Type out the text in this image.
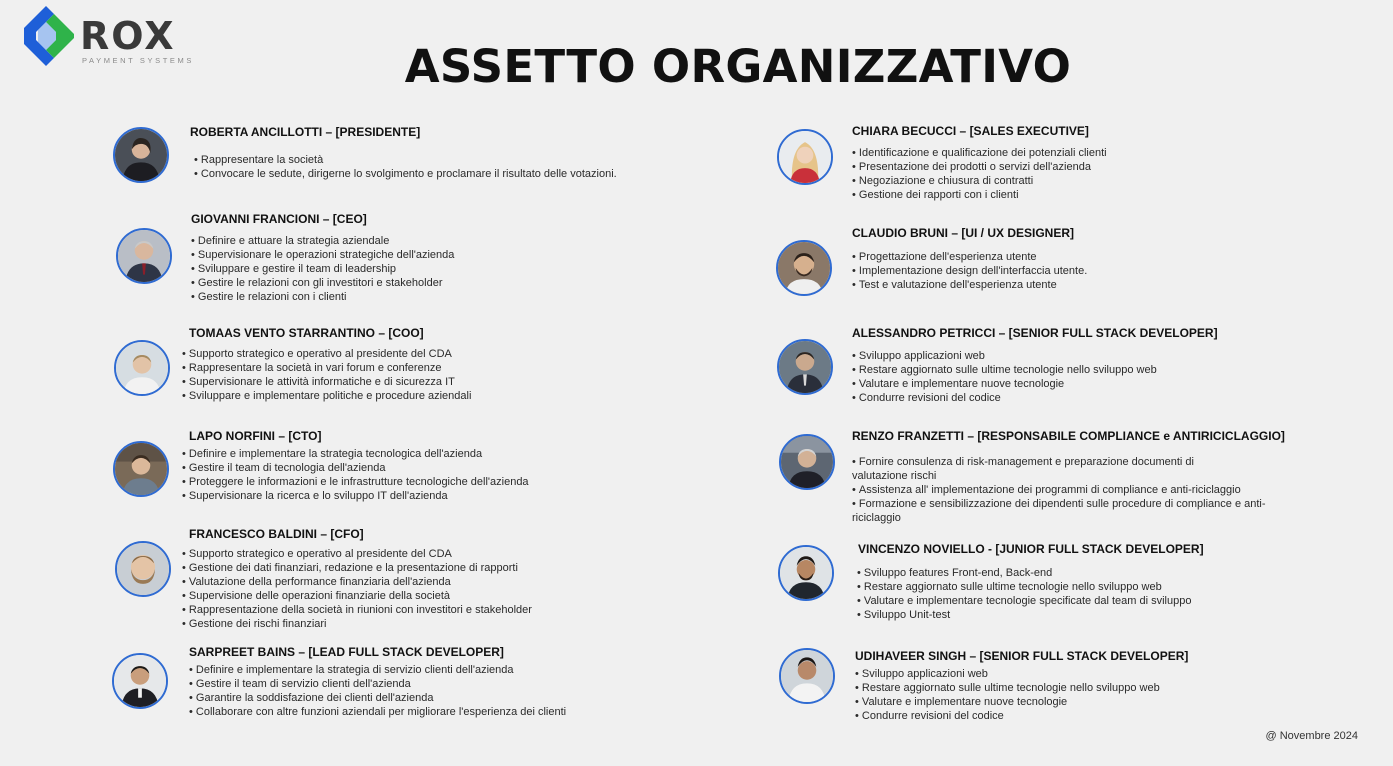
ROX
PAYMENT SYSTEMS	ASSETTO ORGANIZZATIVO
ROBERTA ANCILLOTTI – [PRESIDENTE]
• Rappresentare la società
• Convocare le sedute, dirigerne lo svolgimento e proclamare il risultato delle votazioni.
GIOVANNI FRANCIONI – [CEO]
• Definire e attuare la strategia aziendale
• Supervisionare le operazioni strategiche dell'azienda
• Sviluppare e gestire il team di leadership
• Gestire le relazioni con gli investitori e stakeholder
• Gestire le relazioni con i clienti
TOMAAS VENTO STARRANTINO – [COO]
• Supporto strategico e operativo al presidente del CDA
• Rappresentare la società in vari forum e conferenze
• Supervisionare le attività informatiche e di sicurezza IT
• Sviluppare e implementare politiche e procedure aziendali
LAPO NORFINI – [CTO]
• Definire e implementare la strategia tecnologica dell'azienda
• Gestire il team di tecnologia dell'azienda
• Proteggere le informazioni e le infrastrutture tecnologiche dell'azienda
• Supervisionare la ricerca e lo sviluppo IT dell'azienda
FRANCESCO BALDINI – [CFO]
• Supporto strategico e operativo al presidente del CDA
• Gestione dei dati finanziari, redazione e la presentazione di rapporti
• Valutazione della performance finanziaria dell'azienda
• Supervisione delle operazioni finanziarie della società
• Rappresentazione della società in riunioni con investitori e stakeholder
• Gestione dei rischi finanziari
SARPREET BAINS – [LEAD FULL STACK DEVELOPER]
• Definire e implementare la strategia di servizio clienti dell'azienda
• Gestire il team di servizio clienti dell'azienda
• Garantire la soddisfazione dei clienti dell'azienda
• Collaborare con altre funzioni aziendali per migliorare l'esperienza dei clienti
CHIARA BECUCCI – [SALES EXECUTIVE]
• Identificazione e qualificazione dei potenziali clienti
• Presentazione dei prodotti o servizi dell'azienda
• Negoziazione e chiusura di contratti
• Gestione dei rapporti con i clienti
CLAUDIO BRUNI – [UI / UX DESIGNER]
• Progettazione dell'esperienza utente
• Implementazione design dell'interfaccia utente.
• Test e valutazione dell'esperienza utente
ALESSANDRO PETRICCI – [SENIOR FULL STACK DEVELOPER]
• Sviluppo applicazioni web
• Restare aggiornato sulle ultime tecnologie nello sviluppo web
• Valutare e implementare nuove tecnologie
• Condurre revisioni del codice
RENZO FRANZETTI – [RESPONSABILE COMPLIANCE e ANTIRICICLAGGIO]
• Fornire consulenza di risk-management e preparazione documenti di valutazione rischi
• Assistenza all' implementazione dei programmi di compliance e anti-riciclaggio
• Formazione e sensibilizzazione dei dipendenti sulle procedure di compliance e anti-riciclaggio
VINCENZO NOVIELLO - [JUNIOR FULL STACK DEVELOPER]
• Sviluppo features Front-end, Back-end
• Restare aggiornato sulle ultime tecnologie nello sviluppo web
• Valutare e implementare tecnologie specificate dal team di sviluppo
• Sviluppo Unit-test
UDIHAVEER SINGH – [SENIOR FULL STACK DEVELOPER]
• Sviluppo applicazioni web
• Restare aggiornato sulle ultime tecnologie nello sviluppo web
• Valutare e implementare nuove tecnologie
• Condurre revisioni del codice
@ Novembre 2024
